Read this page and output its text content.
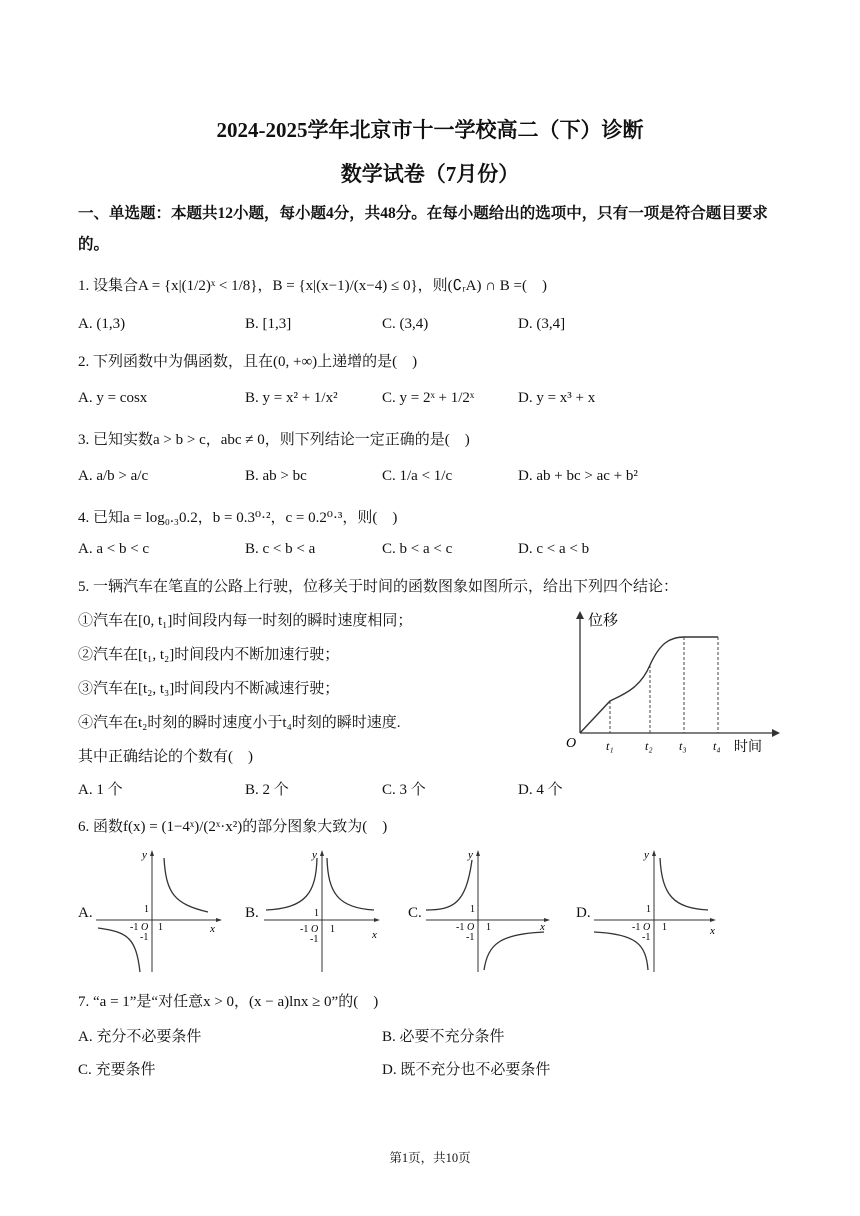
2024-2025学年北京市十一学校高二（下）诊断
数学试卷（7月份）
一、单选题：本题共12小题，每小题4分，共48分。在每小题给出的选项中，只有一项是符合题目要求的。
1. 设集合A = {x|(1/2)ˣ < 1/8}，B = {x|(x−1)/(x−4) ≤ 0}，则(∁ᵣA) ∩ B =(　)
A. (1,3)	B. [1,3]	C. (3,4)	D. (3,4]
2. 下列函数中为偶函数，且在(0, +∞)上递增的是(　)
A. y = cosx	B. y = x² + 1/x²	C. y = 2ˣ + 1/2ˣ	D. y = x³ + x
3. 已知实数a > b > c，abc ≠ 0，则下列结论一定正确的是(　)
A. a/b > a/c	B. ab > bc	C. 1/a < 1/c	D. ab + bc > ac + b²
4. 已知a = log₀.₃0.2，b = 0.3⁰·²，c = 0.2⁰·³，则(　)
A. a < b < c	B. c < b < a	C. b < a < c	D. c < a < b
5. 一辆汽车在笔直的公路上行驶，位移关于时间的函数图象如图所示，给出下列四个结论：
①汽车在[0, t₁]时间段内每一时刻的瞬时速度相同；
②汽车在[t₁, t₂]时间段内不断加速行驶；
③汽车在[t₂, t₃]时间段内不断减速行驶；
④汽车在t₂时刻的瞬时速度小于t₄时刻的瞬时速度.
其中正确结论的个数有(　)
A. 1 个	B. 2 个	C. 3 个	D. 4 个
位移
时间
O t₁	t₂ t₃ t₄
6. 函数f(x) = (1−4ˣ)/(2ˣ·x²)的部分图象大致为(　)
A.
y
x
1
1
-1 O
-1
B.
y
x
1
1
-1 O
-1
C.
y
x
1
1
-1 O
-1
D.
y
x
1
1
-1 O
-1
7. “a = 1”是“对任意x > 0，(x − a)lnx ≥ 0”的(　)
A. 充分不必要条件	B. 必要不充分条件
C. 充要条件	D. 既不充分也不必要条件
第1页，共10页
